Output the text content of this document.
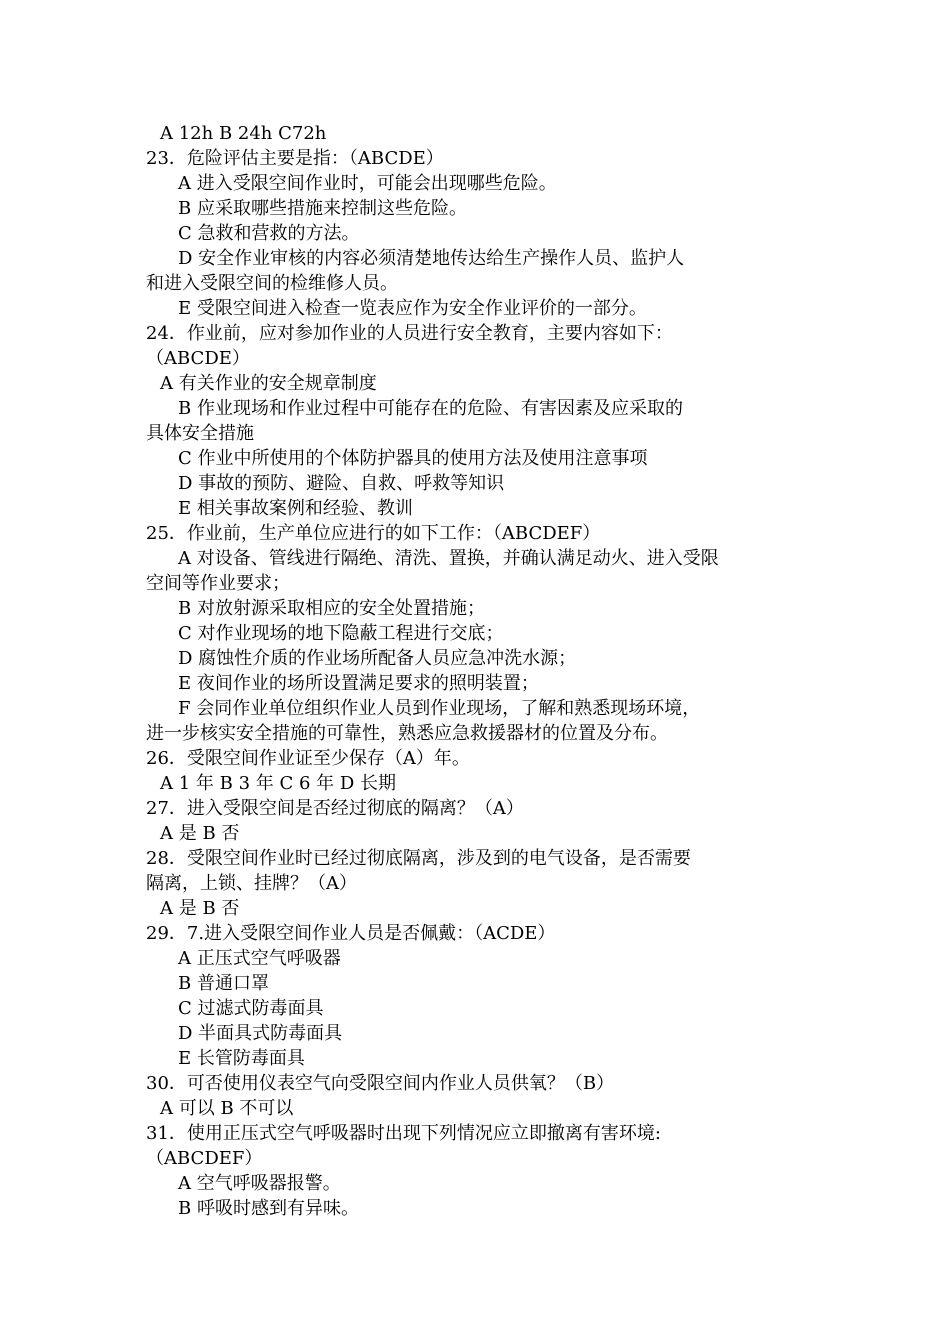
A 12h B 24h C72h
23．危险评估主要是指：（ABCDE）
A 进入受限空间作业时，可能会出现哪些危险。
B 应采取哪些措施来控制这些危险。
C 急救和营救的方法。
D 安全作业审核的内容必须清楚地传达给生产操作人员、监护人
和进入受限空间的检维修人员。
E 受限空间进入检查一览表应作为安全作业评价的一部分。
24．作业前，应对参加作业的人员进行安全教育，主要内容如下：
（ABCDE）
A 有关作业的安全规章制度
B 作业现场和作业过程中可能存在的危险、有害因素及应采取的
具体安全措施
C 作业中所使用的个体防护器具的使用方法及使用注意事项
D 事故的预防、避险、自救、呼救等知识
E 相关事故案例和经验、教训
25．作业前，生产单位应进行的如下工作：（ABCDEF）
A 对设备、管线进行隔绝、清洗、置换，并确认满足动火、进入受限
空间等作业要求；
B 对放射源采取相应的安全处置措施；
C 对作业现场的地下隐蔽工程进行交底；
D 腐蚀性介质的作业场所配备人员应急冲洗水源；
E 夜间作业的场所设置满足要求的照明装置；
F 会同作业单位组织作业人员到作业现场，了解和熟悉现场环境，
进一步核实安全措施的可靠性，熟悉应急救援器材的位置及分布。
26．受限空间作业证至少保存（A）年。
A 1 年 B 3 年 C 6 年 D 长期
27．进入受限空间是否经过彻底的隔离？（A）
A 是 B 否
28．受限空间作业时已经过彻底隔离，涉及到的电气设备，是否需要
隔离，上锁、挂牌？（A）
A 是 B 否
29．7.进入受限空间作业人员是否佩戴：（ACDE）
A 正压式空气呼吸器
B 普通口罩
C 过滤式防毒面具
D 半面具式防毒面具
E 长管防毒面具
30．可否使用仪表空气向受限空间内作业人员供氧？（B）
A 可以 B 不可以
31．使用正压式空气呼吸器时出现下列情况应立即撤离有害环境:
（ABCDEF）
A 空气呼吸器报警。
B 呼吸时感到有异味。
